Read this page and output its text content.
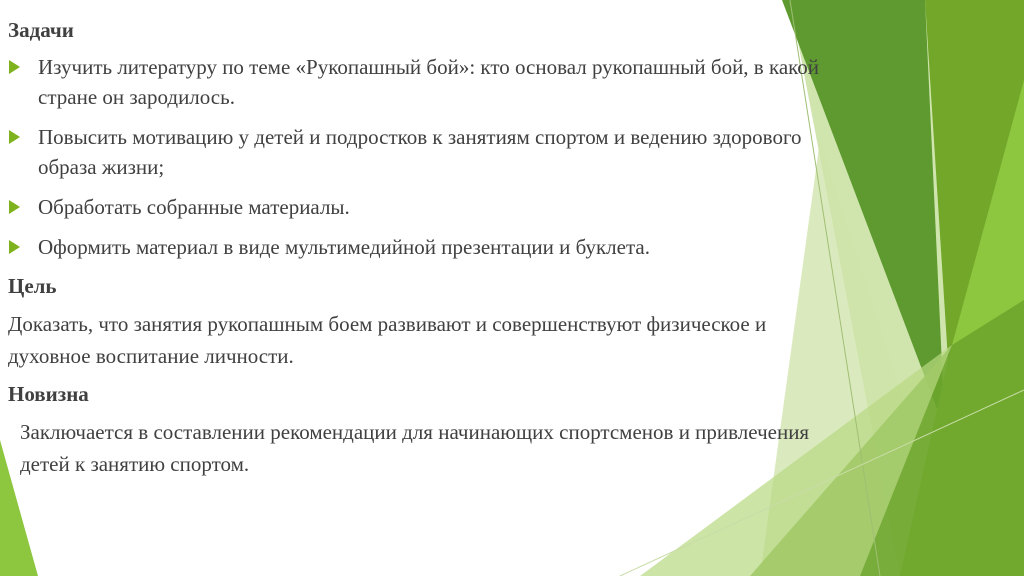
Задачи

Изучить литературу по теме «Рукопашный бой»: кто основал рукопашный бой, в какой стране он зародилось.
Повысить мотивацию у детей и подростков к занятиям спортом и ведению здорового образа жизни;
Обработать собранные материалы.
Оформить материал в виде мультимедийной презентации и буклета.

Цель

Доказать, что занятия рукопашным боем развивают и совершенствуют физическое и духовное воспитание личности.

Новизна

Заключается в составлении рекомендации для начинающих спортсменов и привлечения детей к занятию спортом.
